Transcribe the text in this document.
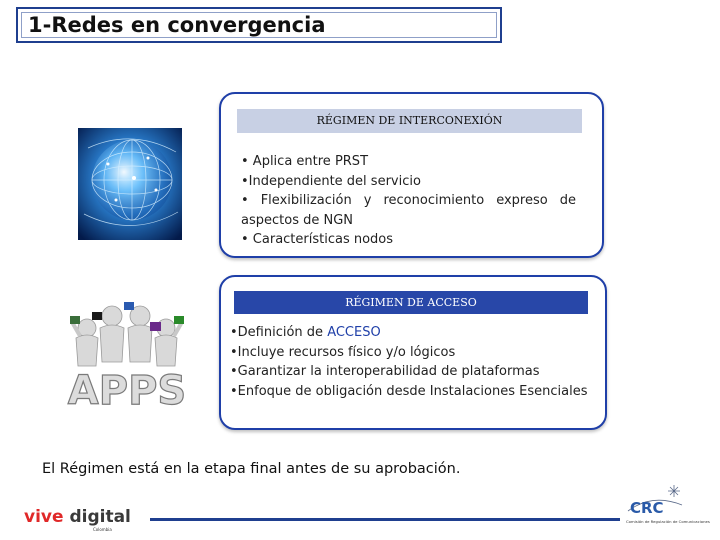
1-Redes en convergencia
RÉGIMEN DE INTERCONEXIÓN
• Aplica entre PRST
•Independiente del servicio
• Flexibilización y reconocimiento expreso de aspectos de NGN
• Características nodos
APPS
RÉGIMEN DE ACCESO
•Definición de ACCESO
•Incluye recursos físico y/o lógicos
•Garantizar la interoperabilidad de plataformas
•Enfoque de obligación desde Instalaciones Esenciales
El Régimen está en la etapa final antes de su aprobación.
vive digital
Colombia
CRC
Comisión de Regulación de Comunicaciones
